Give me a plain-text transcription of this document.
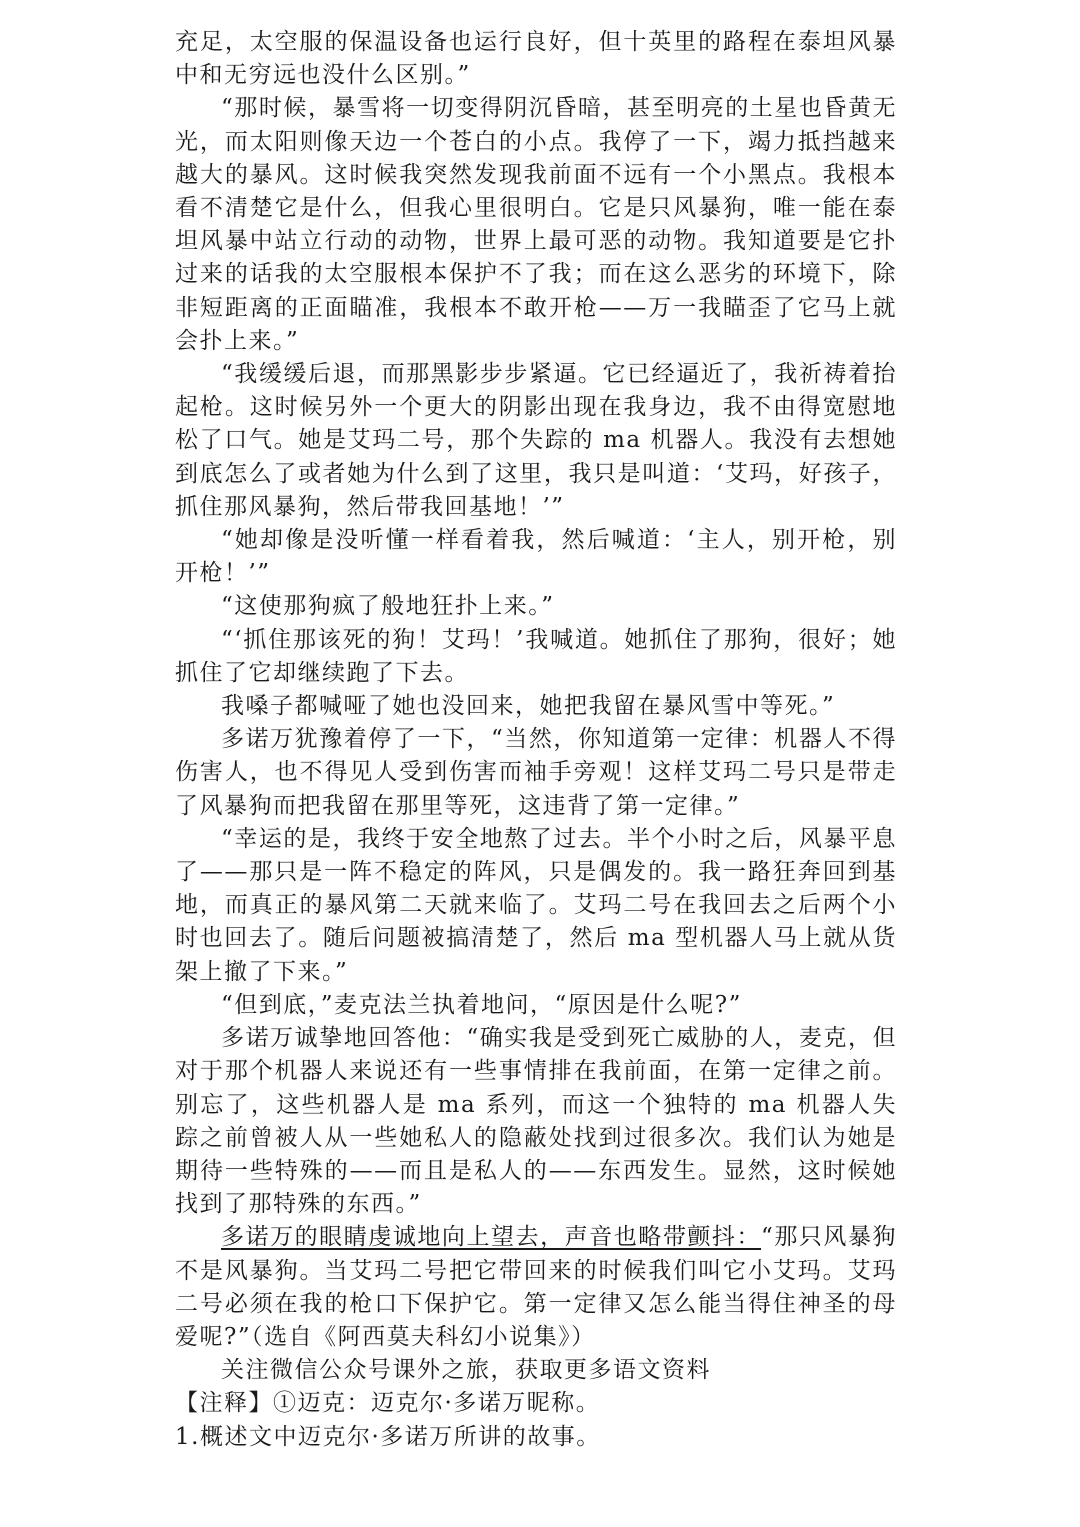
充足，太空服的保温设备也运行良好，但十英里的路程在泰坦风暴中和无穷远也没什么区别。”

“那时候，暴雪将一切变得阴沉昏暗，甚至明亮的土星也昏黄无光，而太阳则像天边一个苍白的小点。我停了一下，竭力抵挡越来越大的暴风。这时候我突然发现我前面不远有一个小黑点。我根本看不清楚它是什么，但我心里很明白。它是只风暴狗，唯一能在泰坦风暴中站立行动的动物，世界上最可恶的动物。我知道要是它扑过来的话我的太空服根本保护不了我；而在这么恶劣的环境下，除非短距离的正面瞄准，我根本不敢开枪——万一我瞄歪了它马上就会扑上来。”

“我缓缓后退，而那黑影步步紧逼。它已经逼近了，我祈祷着抬起枪。这时候另外一个更大的阴影出现在我身边，我不由得宽慰地松了口气。她是艾玛二号，那个失踪的 ma 机器人。我没有去想她到底怎么了或者她为什么到了这里，我只是叫道：‘艾玛，好孩子，抓住那风暴狗，然后带我回基地！’”

“她却像是没听懂一样看着我，然后喊道：‘主人，别开枪，别开枪！’”

“这使那狗疯了般地狂扑上来。”

“‘抓住那该死的狗！艾玛！’我喊道。她抓住了那狗，很好；她抓住了它却继续跑了下去。

我嗓子都喊哑了她也没回来，她把我留在暴风雪中等死。”

多诺万犹豫着停了一下，“当然，你知道第一定律：机器人不得伤害人，也不得见人受到伤害而袖手旁观！这样艾玛二号只是带走了风暴狗而把我留在那里等死，这违背了第一定律。”

“幸运的是，我终于安全地熬了过去。半个小时之后，风暴平息了——那只是一阵不稳定的阵风，只是偶发的。我一路狂奔回到基地，而真正的暴风第二天就来临了。艾玛二号在我回去之后两个小时也回去了。随后问题被搞清楚了，然后 ma 型机器人马上就从货架上撤了下来。”

“但到底，”麦克法兰执着地问，“原因是什么呢?”

多诺万诚挚地回答他：“确实我是受到死亡威胁的人，麦克，但对于那个机器人来说还有一些事情排在我前面，在第一定律之前。别忘了，这些机器人是 ma 系列，而这一个独特的 ma 机器人失踪之前曾被人从一些她私人的隐蔽处找到过很多次。我们认为她是期待一些特殊的——而且是私人的——东西发生。显然，这时候她找到了那特殊的东西。”

多诺万的眼睛虔诚地向上望去，声音也略带颤抖：“那只风暴狗不是风暴狗。当艾玛二号把它带回来的时候我们叫它小艾玛。艾玛二号必须在我的枪口下保护它。第一定律又怎么能当得住神圣的母爱呢?”（选自《阿西莫夫科幻小说集》）

关注微信公众号课外之旅，获取更多语文资料

【注释】①迈克：迈克尔·多诺万昵称。

1.概述文中迈克尔·多诺万所讲的故事。
